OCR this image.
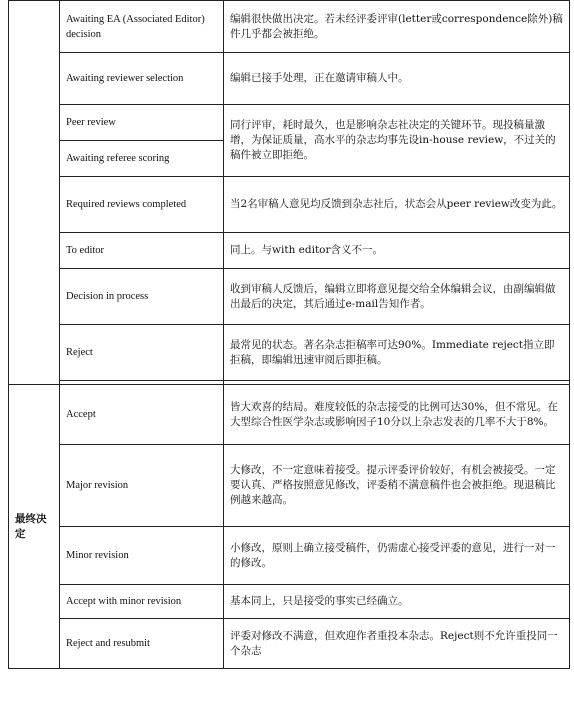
	Awaiting EA (Associated Editor) decision	编辑很快做出决定。若未经评委评审(letter或correspondence除外)稿件几乎都会被拒绝。
	Awaiting reviewer selection	编辑已接手处理，正在邀请审稿人中。
	Peer review	同行评审，耗时最久，也是影响杂志社决定的关键环节。现投稿量激增，为保证质量，高水平的杂志均事先设in-house review，不过关的稿件被立即拒绝。
	Awaiting referee scoring	
	Required reviews completed	当2名审稿人意见均反馈到杂志社后，状态会从peer review改变为此。
	To editor	同上。与with editor含义不一。
	Decision in process	收到审稿人反馈后，编辑立即将意见提交给全体编辑会议，由副编辑做出最后的决定，其后通过e-mail告知作者。
	Reject	最常见的状态。著名杂志拒稿率可达90%。Immediate reject指立即拒稿，即编辑迅速审阅后即拒稿。

最终决定	Accept	皆大欢喜的结局。难度较低的杂志接受的比例可达30%，但不常见。在大型综合性医学杂志或影响因子10分以上杂志发表的几率不大于8%。
	Major revision	大修改，不一定意味着接受。提示评委评价较好，有机会被接受。一定要认真、严格按照意见修改，评委稍不满意稿件也会被拒绝。现退稿比例越来越高。
	Minor revision	小修改，原则上确立接受稿件，仍需虚心接受评委的意见，进行一对一的修改。
	Accept with minor revision	基本同上，只是接受的事实已经确立。
	Reject and resubmit	评委对修改不满意，但欢迎作者重投本杂志。Reject则不允许重投同一个杂志
